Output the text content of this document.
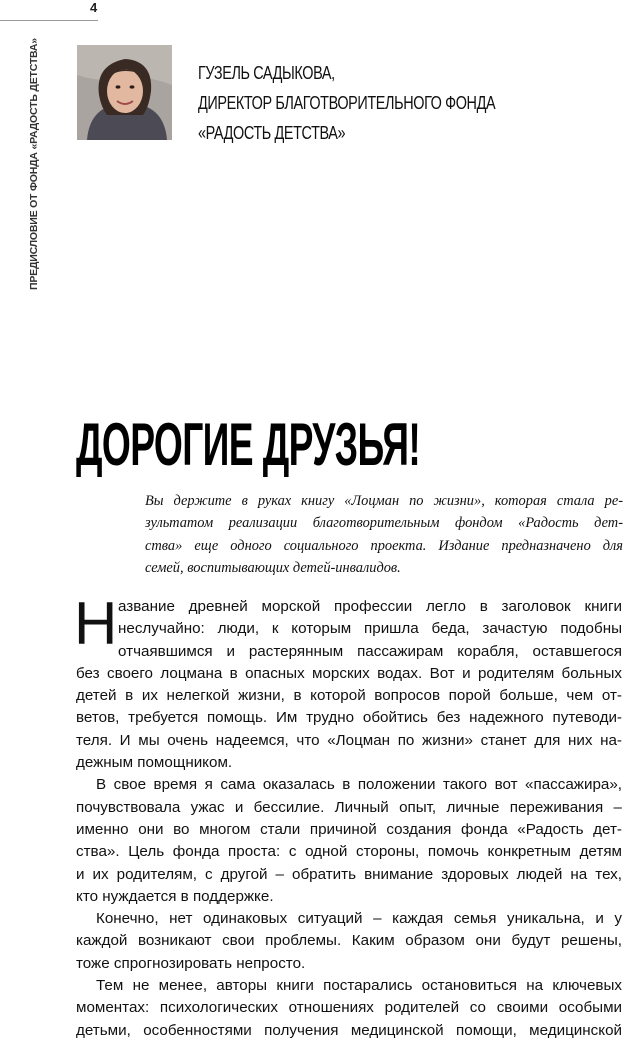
4
ПРЕДИСЛОВИЕ ОТ ФОНДА «РАДОСТЬ ДЕТСТВА»	ГУЗЕЛЬ САДЫКОВА,
ДИРЕКТОР БЛАГОТВОРИТЕЛЬНОГО ФОНДА
«РАДОСТЬ ДЕТСТВА»
ДОРОГИЕ ДРУЗЬЯ!
Вы держите в руках книгу «Лоцман по жизни», которая стала ре-
зультатом реализации благотворительным фондом «Радость дет-
ства» еще одного социального проекта. Издание предназначено для
семей, воспитывающих детей-инвалидов.
Н азвание древней морской профессии легло в заголовок книги
неслучайно: люди, к которым пришла беда, зачастую подобны
отчаявшимся и растерянным пассажирам корабля, оставшегося
без своего лоцмана в опасных морских водах. Вот и родителям больных
детей в их нелегкой жизни, в которой вопросов порой больше, чем от-
ветов, требуется помощь. Им трудно обойтись без надежного путеводи-
теля. И мы очень надеемся, что «Лоцман по жизни» станет для них на-
дежным помощником.
В свое время я сама оказалась в положении такого вот «пассажира»,
почувствовала ужас и бессилие. Личный опыт, личные переживания –
именно они во многом стали причиной создания фонда «Радость дет-
ства». Цель фонда проста: с одной стороны, помочь конкретным детям
и их родителям, с другой – обратить внимание здоровых людей на тех,
кто нуждается в поддержке.
Конечно, нет одинаковых ситуаций – каждая семья уникальна, и у
каждой возникают свои проблемы. Каким образом они будут решены,
тоже спрогнозировать непросто.
Тем не менее, авторы книги постарались остановиться на ключевых
моментах: психологических отношениях родителей со своими особыми
детьми, особенностями получения медицинской помощи, медицинской
